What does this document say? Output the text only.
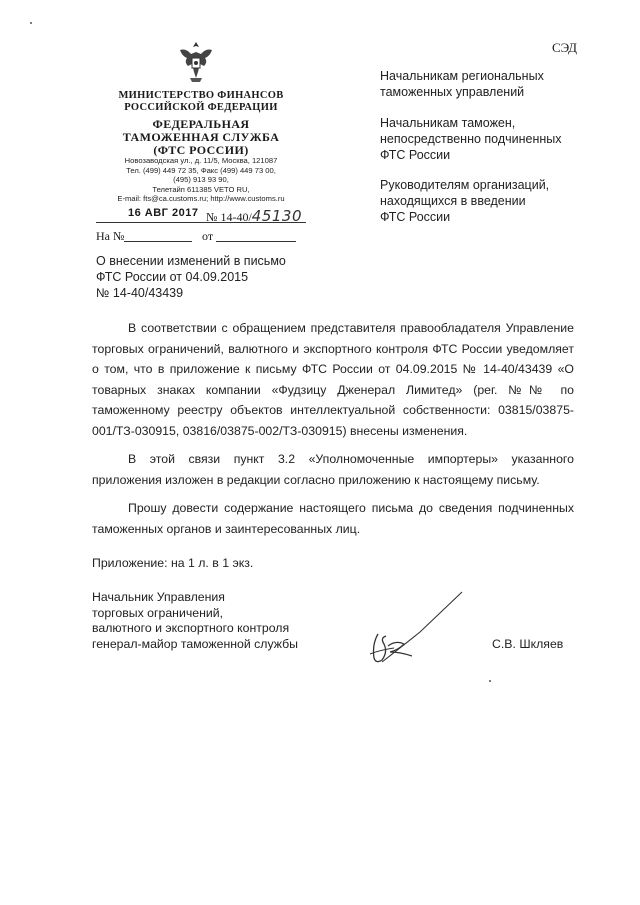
СЭД
МИНИСТЕРСТВО ФИНАНСОВ
РОССИЙСКОЙ ФЕДЕРАЦИИ
ФЕДЕРАЛЬНАЯ
ТАМОЖЕННАЯ СЛУЖБА
(ФТС РОССИИ)
Новозаводская ул., д. 11/5, Москва, 121087
Тел. (499) 449 72 35, Факс (499) 449 73 00,
(495) 913 93 90,
Телетайп 611385 VETO RU,
E-mail: fts@ca.customs.ru; http://www.customs.ru
16 АВГ 2017 № 14-40/45130
На №	от
Начальникам региональных
таможенных управлений
Начальникам таможен,
непосредственно подчиненных
ФТС России
Руководителям организаций,
находящихся в введении
ФТС России
О внесении изменений в письмо
ФТС России от 04.09.2015
№ 14-40/43439

В соответствии с обращением представителя правообладателя Управление торговых ограничений, валютного и экспортного контроля ФТС России уведомляет о том, что в приложение к письму ФТС России от 04.09.2015 № 14-40/43439 «О товарных знаках компании «Фудзицу Дженерал Лимитед» (рег. №№ по таможенному реестру объектов интеллектуальной собственности: 03815/03875-001/ТЗ-030915, 03816/03875-002/ТЗ-030915) внесены изменения.

В этой связи пункт 3.2 «Уполномоченные импортеры» указанного приложения изложен в редакции согласно приложению к настоящему письму.

Прошу довести содержание настоящего письма до сведения подчиненных таможенных органов и заинтересованных лиц.

Приложение: на 1 л. в 1 экз.
Начальник Управления
торговых ограничений,
валютного и экспортного контроля
генерал-майор таможенной службы	С.В. Шкляев
